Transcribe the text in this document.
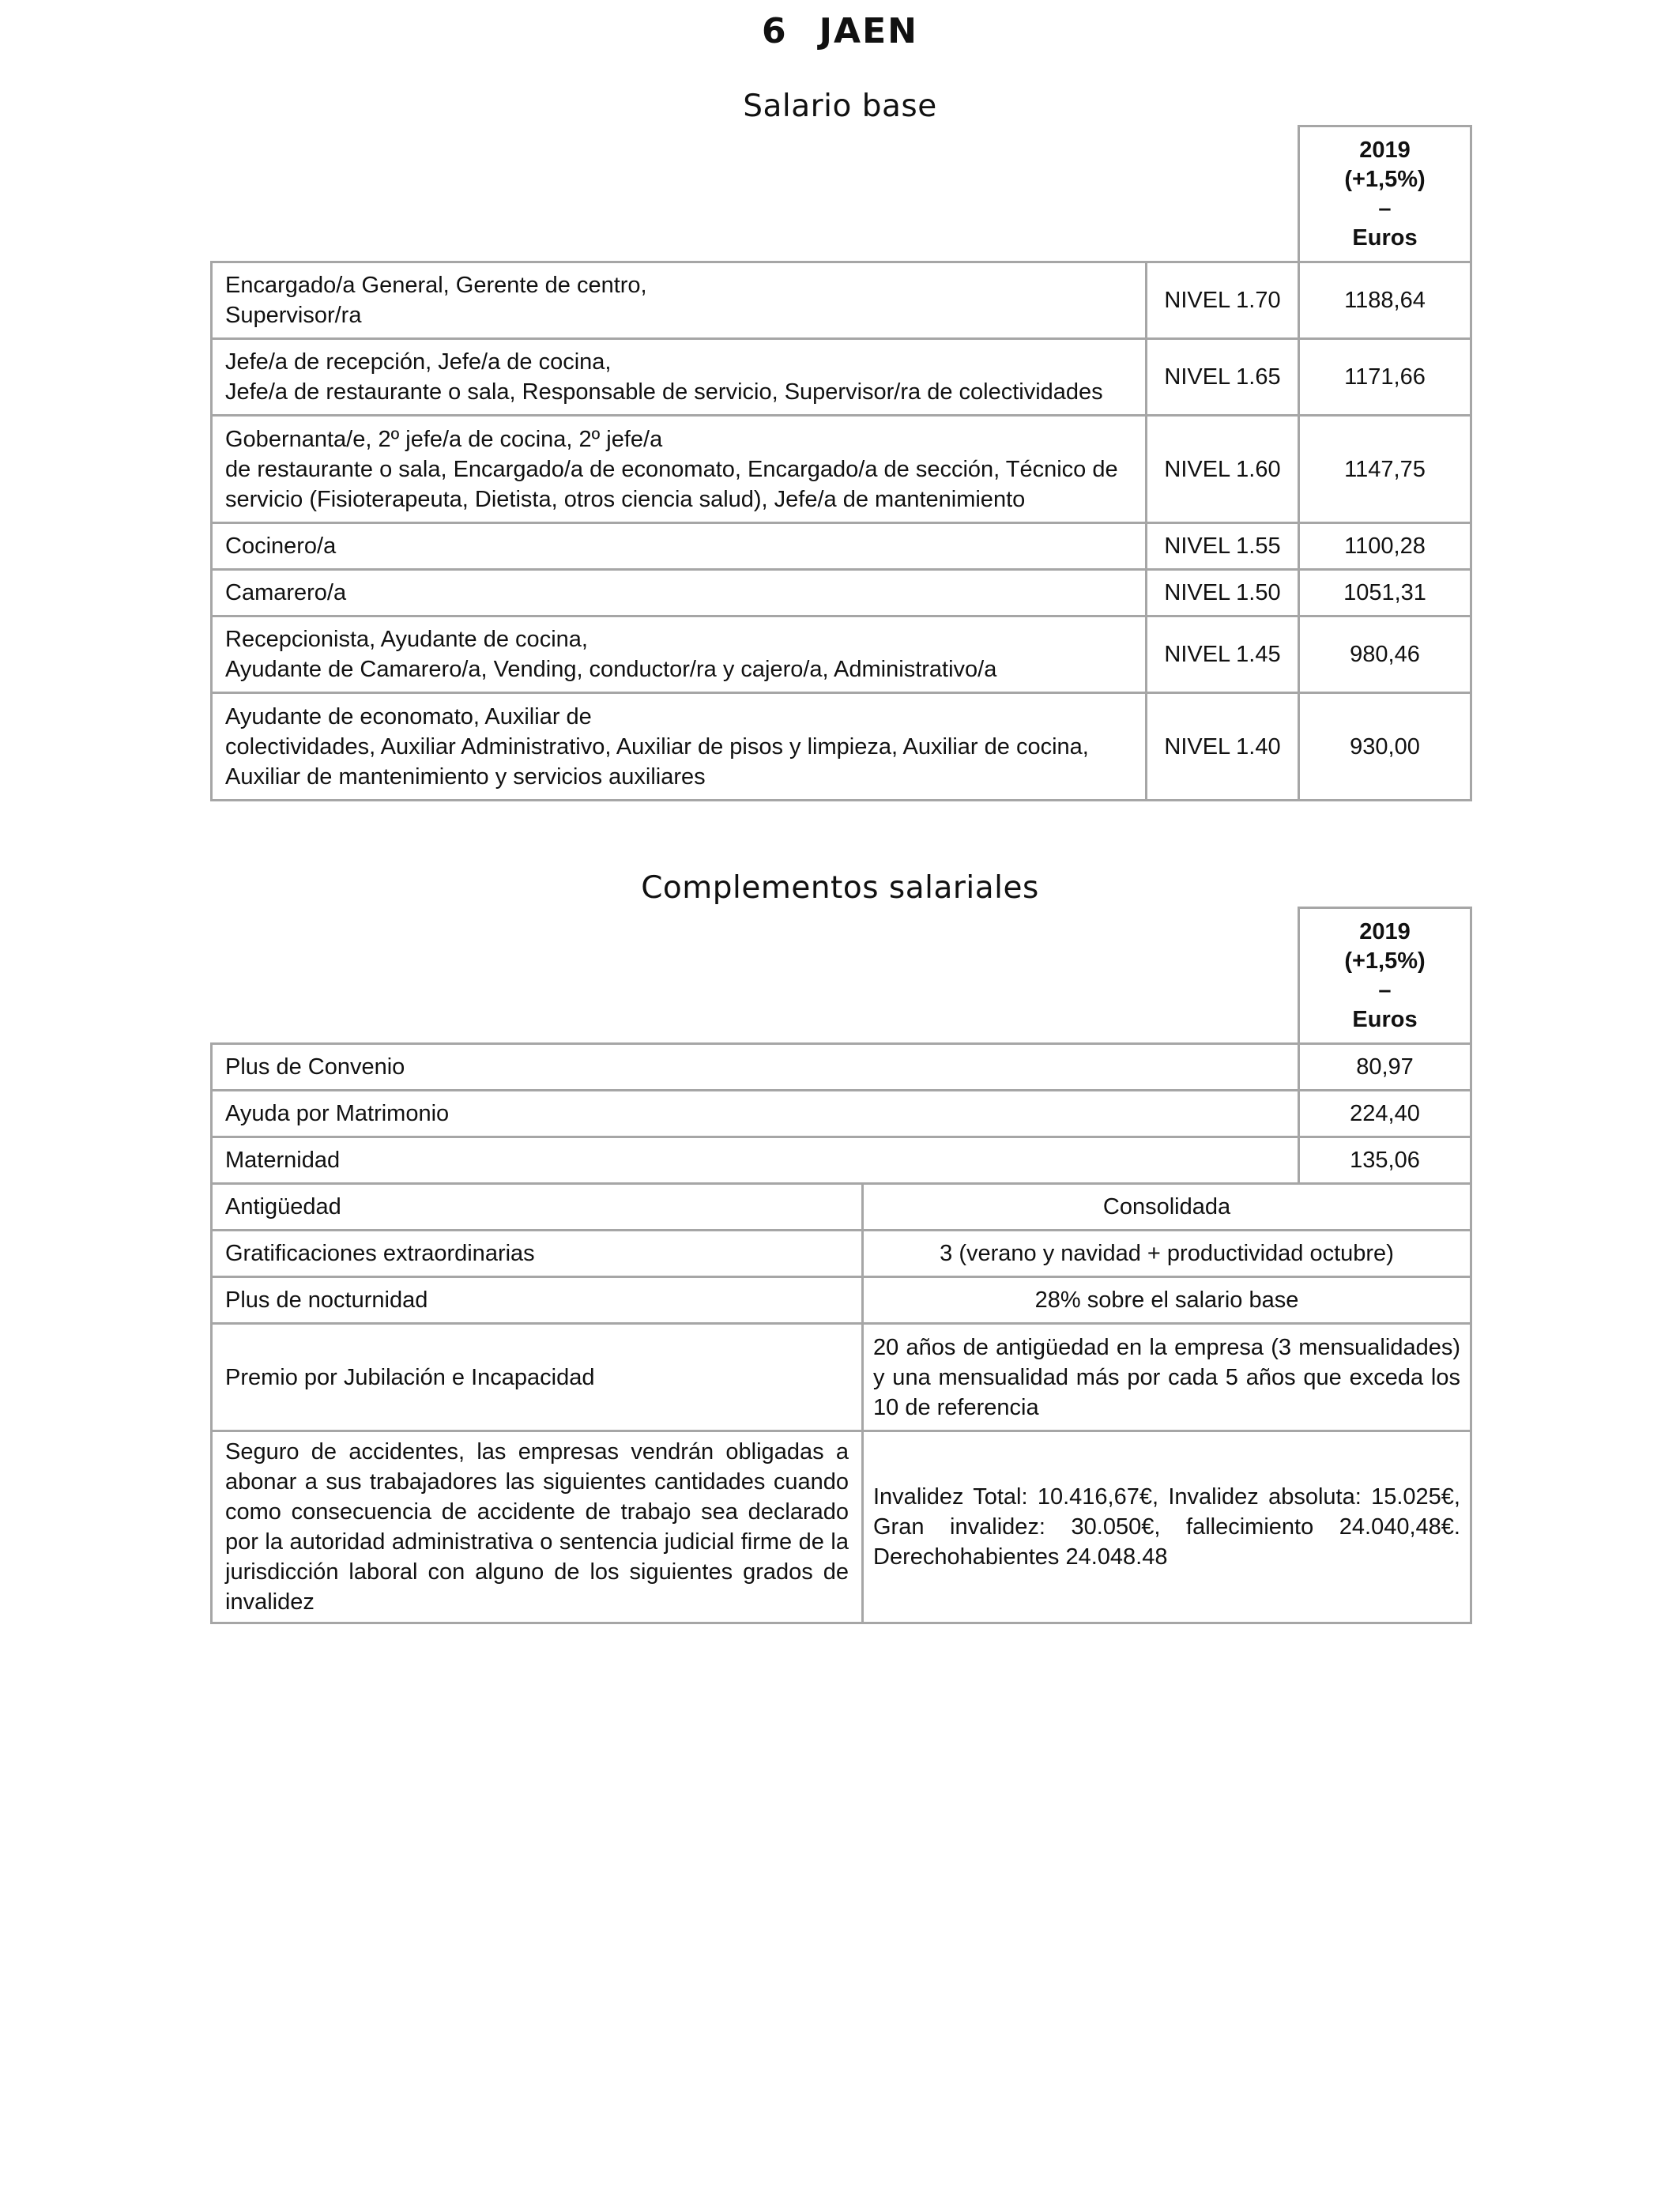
6 JAEN
Salario base

		2019
(+1,5%)
–
Euros

Encargado/a General, Gerente de centro,
Supervisor/ra	NIVEL 1.70	1188,64

Jefe/a de recepción, Jefe/a de cocina,
Jefe/a de restaurante o sala, Responsable de servicio, Supervisor/ra de colectividades	NIVEL 1.65	1171,66

Gobernanta/e, 2º jefe/a de cocina, 2º jefe/a
de restaurante o sala, Encargado/a de economato, Encargado/a de sección, Técnico de servicio (Fisioterapeuta, Dietista, otros ciencia salud), Jefe/a de mantenimiento	NIVEL 1.60	1147,75

Cocinero/a	NIVEL 1.55	1100,28

Camarero/a	NIVEL 1.50	1051,31

Recepcionista, Ayudante de cocina,
Ayudante de Camarero/a, Vending, conductor/ra y cajero/a, Administrativo/a	NIVEL 1.45	980,46

Ayudante de economato, Auxiliar de
colectividades, Auxiliar Administrativo, Auxiliar de pisos y limpieza, Auxiliar de cocina, Auxiliar de mantenimiento y servicios auxiliares	NIVEL 1.40	930,00
Complementos salariales

		2019
(+1,5%)
–
Euros

Plus de Convenio		80,97
Ayuda por Matrimonio		224,40
Maternidad		135,06
Antigüedad	Consolidada	
Gratificaciones extraordinarias	3 (verano y navidad + productividad octubre)	
Plus de nocturnidad	28% sobre el salario base	
Premio por Jubilación e Incapacidad	20 años de antigüedad en la empresa (3 mensualidades) y una mensualidad más por cada 5 años que exceda los 10 de referencia	
Seguro de accidentes, las empresas vendrán obligadas a abonar a sus trabajadores las siguientes cantidades cuando como consecuencia de accidente de trabajo sea declarado por la autoridad administrativa o sentencia judicial firme de la jurisdicción laboral con alguno de los siguientes grados de invalidez	Invalidez Total: 10.416,67€, Invalidez absoluta: 15.025€, Gran invalidez: 30.050€, fallecimiento 24.040,48€. Derechohabientes 24.048.48	
